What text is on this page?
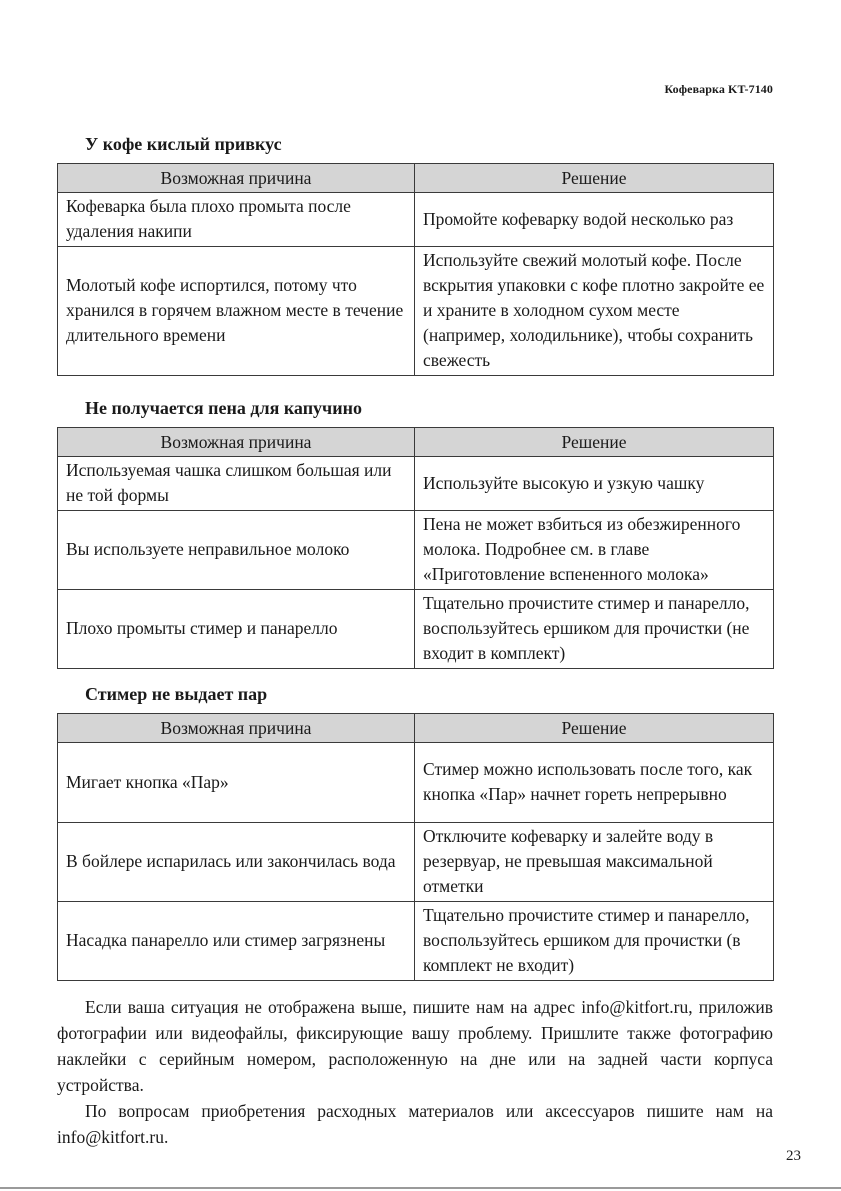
Кофеварка KT-7140
У кофе кислый привкус
Возможная причина	Решение
Кофеварка была плохо промыта после удаления накипи	Промойте кофеварку водой несколько раз
Молотый кофе испортился, потому что хранился в горячем влажном месте в течение длительного времени	Используйте свежий молотый кофе. После вскрытия упаковки с кофе плотно закройте ее и храните в холодном сухом месте (например, холодильнике), чтобы сохранить свежесть
Не получается пена для капучино
Возможная причина	Решение
Используемая чашка слишком большая или не той формы	Используйте высокую и узкую чашку
Вы используете неправильное молоко	Пена не может взбиться из обезжиренного молока. Подробнее см. в главе «Приготовление вспененного молока»
Плохо промыты стимер и панарелло	Тщательно прочистите стимер и панарелло, воспользуйтесь ершиком для прочистки (не входит в комплект)
Стимер не выдает пар
Возможная причина	Решение
Мигает кнопка «Пар»	Стимер можно использовать после того, как кнопка «Пар» начнет гореть непрерывно
В бойлере испарилась или закончилась вода	Отключите кофеварку и залейте воду в резервуар, не превышая максимальной отметки
Насадка панарелло или стимер загрязнены	Тщательно прочистите стимер и панарелло, воспользуйтесь ершиком для прочистки (в комплект не входит)

Если ваша ситуация не отображена выше, пишите нам на адрес info@kitfort.ru, приложив фотографии или видеофайлы, фиксирующие вашу проблему. Пришлите также фотографию наклейки с серийным номером, расположенную на дне или на задней части корпуса устройства.

По вопросам приобретения расходных материалов или аксессуаров пишите нам на info@kitfort.ru.

23
